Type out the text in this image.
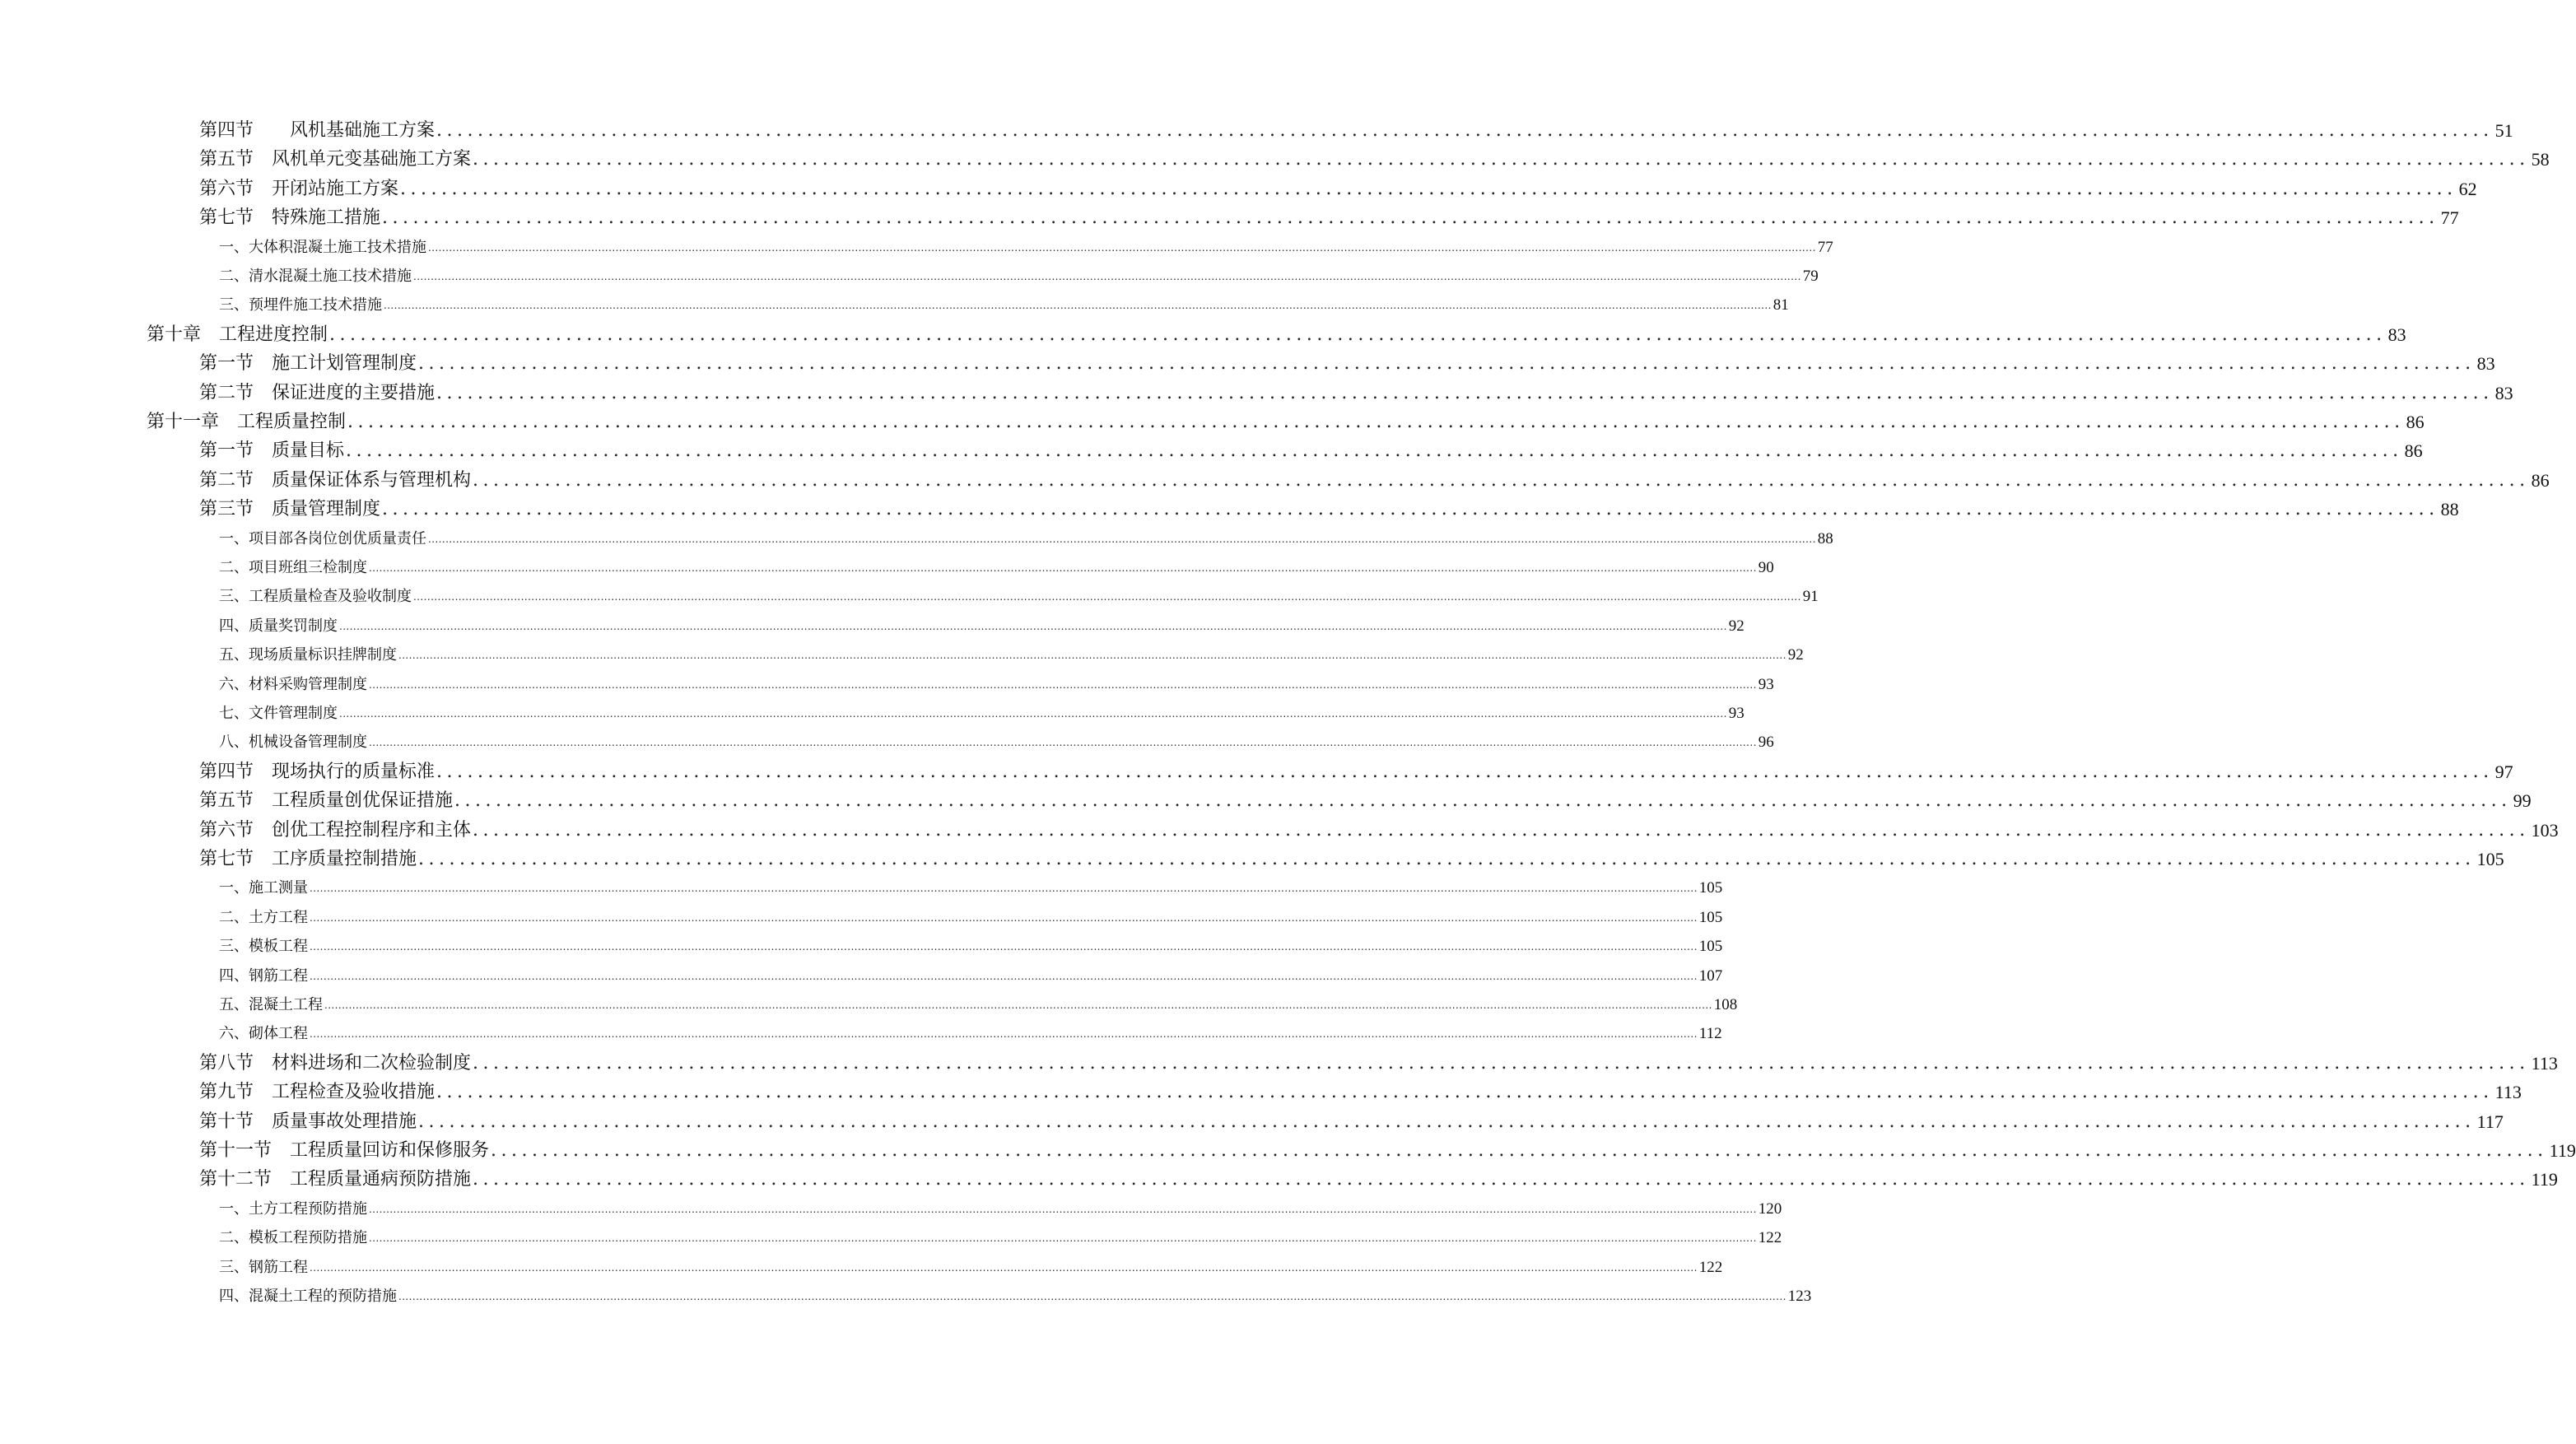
第四节　　风机基础施工方案 ........................................................................................................................................................................................................ 51
第五节　风机单元变基础施工方案 ........................................................................................................................................................................................................ 58
第六节　开闭站施工方案 ........................................................................................................................................................................................................ 62
第七节　特殊施工措施 ........................................................................................................................................................................................................ 77
一、大体积混凝土施工技术措施 ................................................................................................................................................................................................................................................................................................................................................................................................................ 77
二、清水混凝土施工技术措施 ................................................................................................................................................................................................................................................................................................................................................................................................................ 79
三、预埋件施工技术措施 ................................................................................................................................................................................................................................................................................................................................................................................................................ 81
第十章　工程进度控制 ........................................................................................................................................................................................................ 83
第一节　施工计划管理制度 ........................................................................................................................................................................................................ 83
第二节　保证进度的主要措施 ........................................................................................................................................................................................................ 83
第十一章　工程质量控制 ........................................................................................................................................................................................................ 86
第一节　质量目标 ........................................................................................................................................................................................................ 86
第二节　质量保证体系与管理机构 ........................................................................................................................................................................................................ 86
第三节　质量管理制度 ........................................................................................................................................................................................................ 88
一、项目部各岗位创优质量责任 ................................................................................................................................................................................................................................................................................................................................................................................................................ 88
二、项目班组三检制度 ................................................................................................................................................................................................................................................................................................................................................................................................................ 90
三、工程质量检查及验收制度 ................................................................................................................................................................................................................................................................................................................................................................................................................ 91
四、质量奖罚制度 ................................................................................................................................................................................................................................................................................................................................................................................................................ 92
五、现场质量标识挂牌制度 ................................................................................................................................................................................................................................................................................................................................................................................................................ 92
六、材料采购管理制度 ................................................................................................................................................................................................................................................................................................................................................................................................................ 93
七、文件管理制度 ................................................................................................................................................................................................................................................................................................................................................................................................................ 93
八、机械设备管理制度 ................................................................................................................................................................................................................................................................................................................................................................................................................ 96
第四节　现场执行的质量标准 ........................................................................................................................................................................................................ 97
第五节　工程质量创优保证措施 ........................................................................................................................................................................................................ 99
第六节　创优工程控制程序和主体 ........................................................................................................................................................................................................ 103
第七节　工序质量控制措施 ........................................................................................................................................................................................................ 105
一、施工测量 ................................................................................................................................................................................................................................................................................................................................................................................................................ 105
二、土方工程 ................................................................................................................................................................................................................................................................................................................................................................................................................ 105
三、模板工程 ................................................................................................................................................................................................................................................................................................................................................................................................................ 105
四、钢筋工程 ................................................................................................................................................................................................................................................................................................................................................................................................................ 107
五、混凝土工程 ................................................................................................................................................................................................................................................................................................................................................................................................................ 108
六、砌体工程 ................................................................................................................................................................................................................................................................................................................................................................................................................ 112
第八节　材料进场和二次检验制度 ........................................................................................................................................................................................................ 113
第九节　工程检查及验收措施 ........................................................................................................................................................................................................ 113
第十节　质量事故处理措施 ........................................................................................................................................................................................................ 117
第十一节　工程质量回访和保修服务 ........................................................................................................................................................................................................ 119
第十二节　工程质量通病预防措施 ........................................................................................................................................................................................................ 119
一、土方工程预防措施 ................................................................................................................................................................................................................................................................................................................................................................................................................ 120
二、模板工程预防措施 ................................................................................................................................................................................................................................................................................................................................................................................................................ 122
三、钢筋工程 ................................................................................................................................................................................................................................................................................................................................................................................................................ 122
四、混凝土工程的预防措施 ................................................................................................................................................................................................................................................................................................................................................................................................................ 123
